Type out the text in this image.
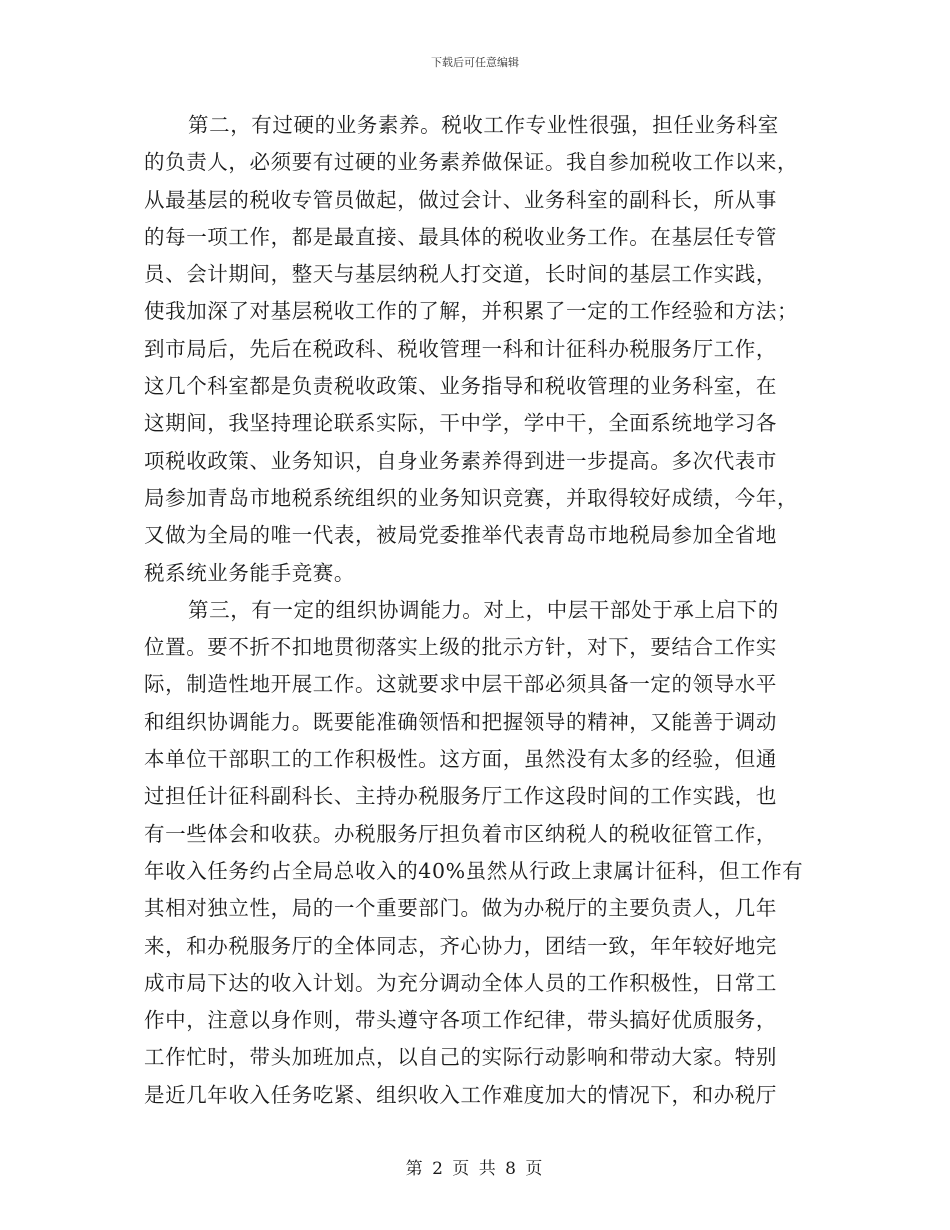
下载后可任意编辑
第二，有过硬的业务素养。税收工作专业性很强，担任业务科室
的负责人，必须要有过硬的业务素养做保证。我自参加税收工作以来，
从最基层的税收专管员做起，做过会计、业务科室的副科长，所从事
的每一项工作，都是最直接、最具体的税收业务工作。在基层任专管
员、会计期间，整天与基层纳税人打交道，长时间的基层工作实践，
使我加深了对基层税收工作的了解，并积累了一定的工作经验和方法；
到市局后，先后在税政科、税收管理一科和计征科办税服务厅工作，
这几个科室都是负责税收政策、业务指导和税收管理的业务科室，在
这期间，我坚持理论联系实际，干中学，学中干，全面系统地学习各
项税收政策、业务知识，自身业务素养得到进一步提高。多次代表市
局参加青岛市地税系统组织的业务知识竞赛，并取得较好成绩，今年，
又做为全局的唯一代表，被局党委推举代表青岛市地税局参加全省地
税系统业务能手竞赛。
第三，有一定的组织协调能力。对上，中层干部处于承上启下的
位置。要不折不扣地贯彻落实上级的批示方针，对下，要结合工作实
际，制造性地开展工作。这就要求中层干部必须具备一定的领导水平
和组织协调能力。既要能准确领悟和把握领导的精神，又能善于调动
本单位干部职工的工作积极性。这方面，虽然没有太多的经验，但通
过担任计征科副科长、主持办税服务厅工作这段时间的工作实践，也
有一些体会和收获。办税服务厅担负着市区纳税人的税收征管工作，
年收入任务约占全局总收入的40%虽然从行政上隶属计征科，但工作有
其相对独立性，局的一个重要部门。做为办税厅的主要负责人，几年
来，和办税服务厅的全体同志，齐心协力，团结一致，年年较好地完
成市局下达的收入计划。为充分调动全体人员的工作积极性，日常工
作中，注意以身作则，带头遵守各项工作纪律，带头搞好优质服务，
工作忙时，带头加班加点，以自己的实际行动影响和带动大家。特别
是近几年收入任务吃紧、组织收入工作难度加大的情况下，和办税厅
第 2 页 共 8 页
